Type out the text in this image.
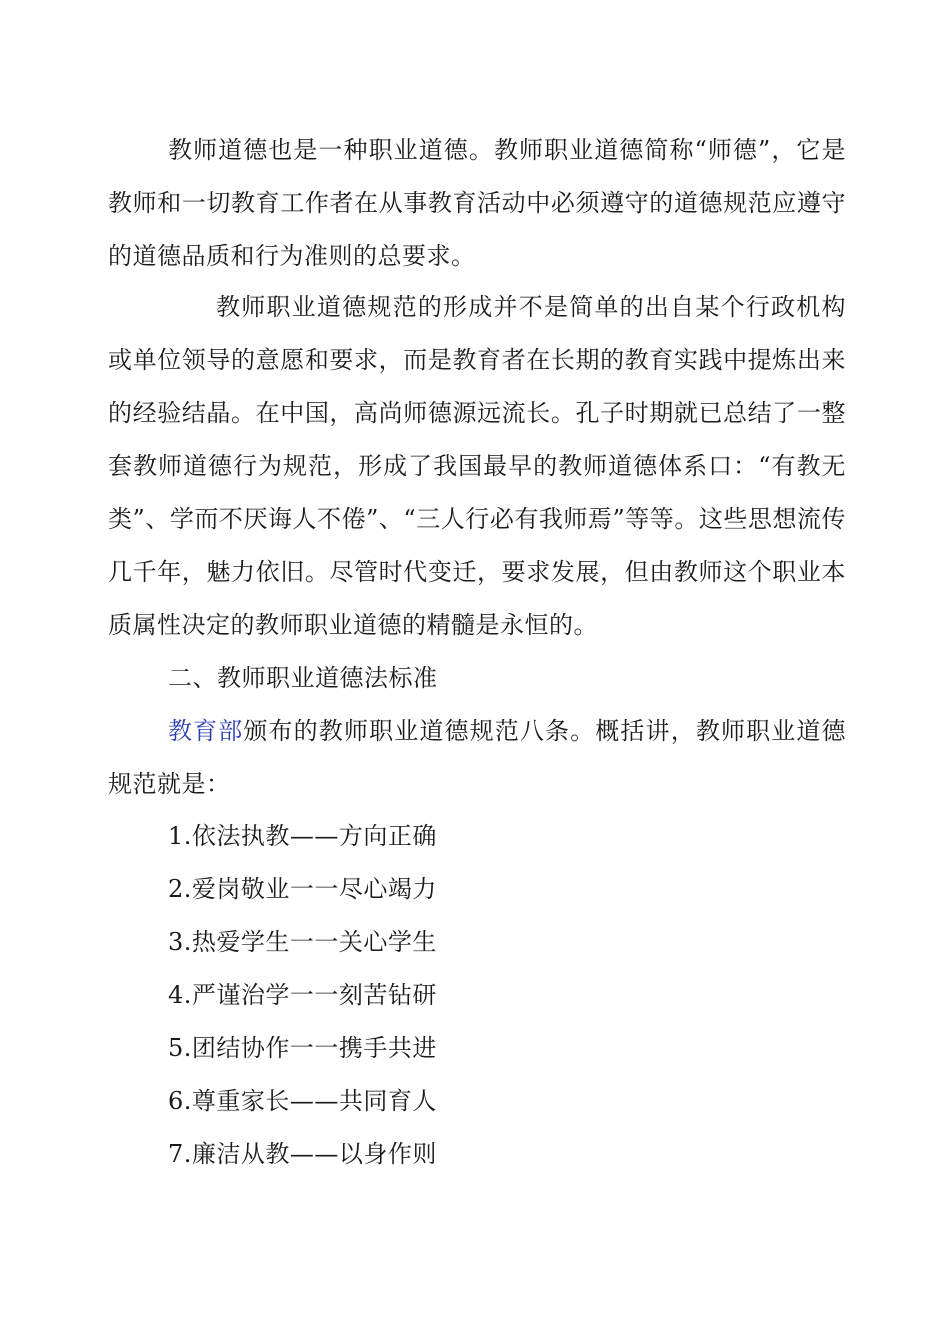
教师道德也是一种职业道德。教师职业道德简称“师德”，它是教师和一切教育工作者在从事教育活动中必须遵守的道德规范应遵守的道德品质和行为准则的总要求。

教师职业道德规范的形成并不是简单的出自某个行政机构或单位领导的意愿和要求，而是教育者在长期的教育实践中提炼出来的经验结晶。在中国，高尚师德源远流长。孔子时期就已总结了一整套教师道德行为规范，形成了我国最早的教师道德体系口：“有教无类”、学而不厌诲人不倦”、“三人行必有我师焉”等等。这些思想流传几千年，魅力依旧。尽管时代变迁，要求发展，但由教师这个职业本质属性决定的教师职业道德的精髓是永恒的。

二、教师职业道德法标准

教育部颁布的教师职业道德规范八条。概括讲，教师职业道德规范就是：

1.依法执教——方向正确
2.爱岗敬业一一尽心竭力
3.热爱学生一一关心学生
4.严谨治学一一刻苦钻研
5.团结协作一一携手共进
6.尊重家长——共同育人
7.廉洁从教——以身作则
